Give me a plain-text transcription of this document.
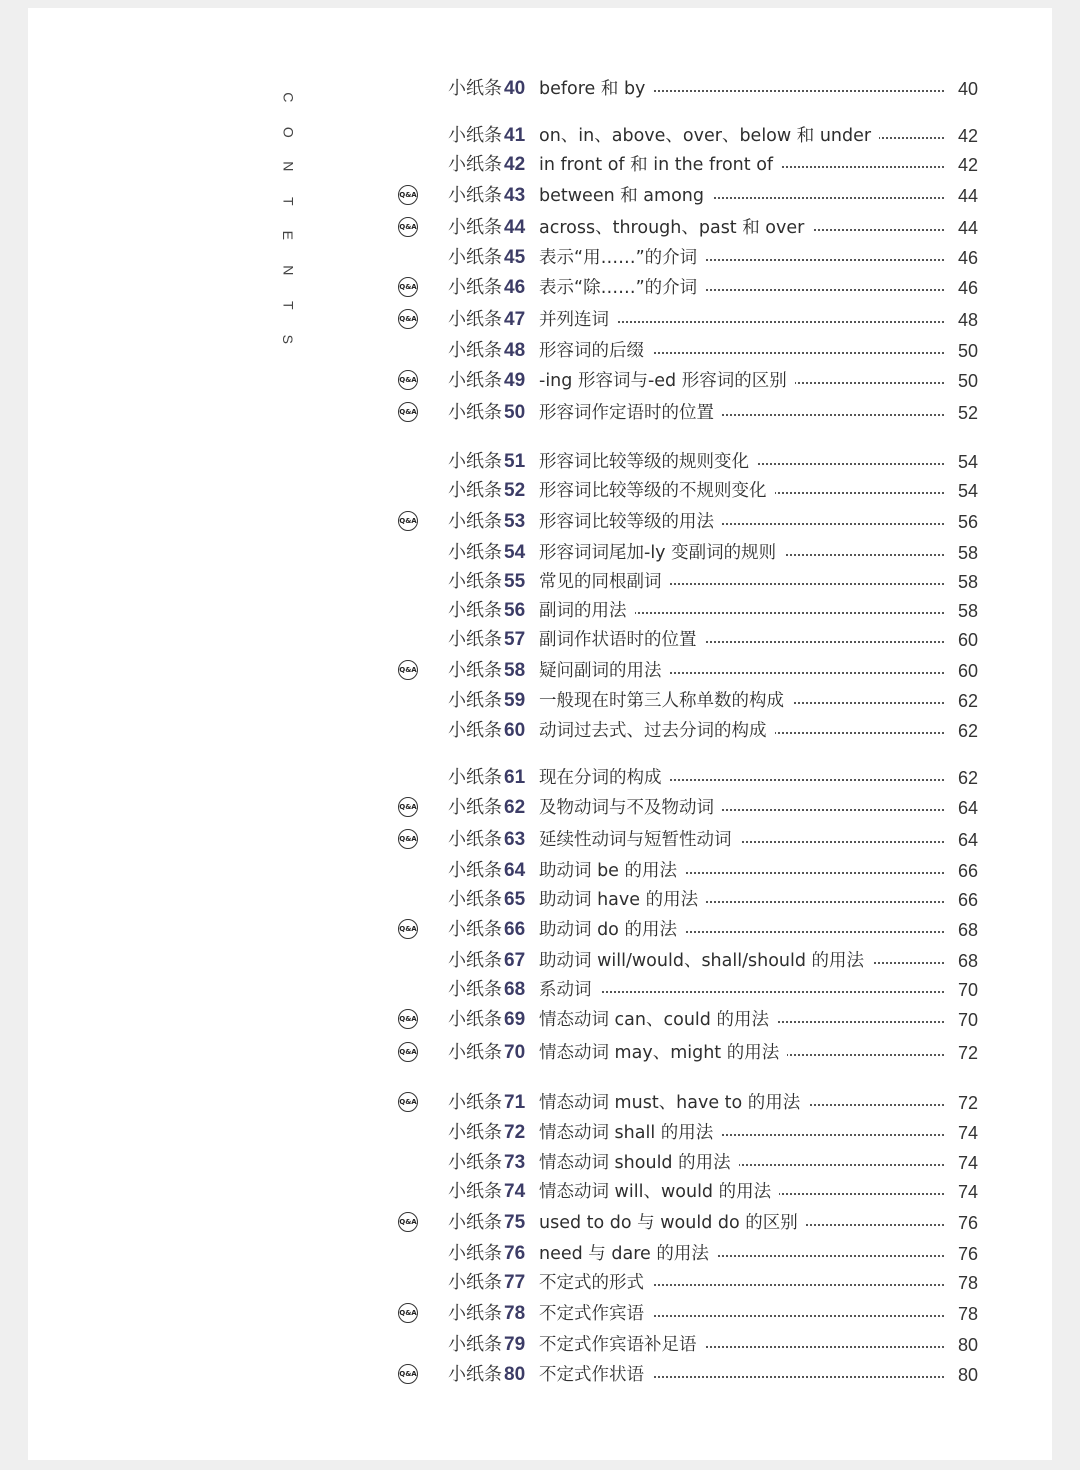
C
O
N
T
E
N
T
S
小纸条 40 before 和 by	40
小纸条 41 on、in、above、over、below 和 under	42
小纸条 42 in front of 和 in the front of	42
Q&A 小纸条 43 between 和 among	44
Q&A 小纸条 44 across、through、past 和 over	44
小纸条 45 表示“用……”的介词	46
Q&A 小纸条 46 表示“除……”的介词	46
Q&A 小纸条 47 并列连词	48
小纸条 48 形容词的后缀	50
Q&A 小纸条 49 -ing 形容词与-ed 形容词的区别	50
Q&A 小纸条 50 形容词作定语时的位置	52
小纸条 51 形容词比较等级的规则变化	54
小纸条 52 形容词比较等级的不规则变化	54
Q&A 小纸条 53 形容词比较等级的用法	56
小纸条 54 形容词词尾加-ly 变副词的规则	58
小纸条 55 常见的同根副词	58
小纸条 56 副词的用法	58
小纸条 57 副词作状语时的位置	60
Q&A 小纸条 58 疑问副词的用法	60
小纸条 59 一般现在时第三人称单数的构成	62
小纸条 60 动词过去式、过去分词的构成	62
小纸条 61 现在分词的构成	62
Q&A 小纸条 62 及物动词与不及物动词	64
Q&A 小纸条 63 延续性动词与短暂性动词	64
小纸条 64 助动词 be 的用法	66
小纸条 65 助动词 have 的用法	66
Q&A 小纸条 66 助动词 do 的用法	68
小纸条 67 助动词 will/would、shall/should 的用法	68
小纸条 68 系动词	70
Q&A 小纸条 69 情态动词 can、could 的用法	70
Q&A 小纸条 70 情态动词 may、might 的用法	72
Q&A 小纸条 71 情态动词 must、have to 的用法	72
小纸条 72 情态动词 shall 的用法	74
小纸条 73 情态动词 should 的用法	74
小纸条 74 情态动词 will、would 的用法	74
Q&A 小纸条 75 used to do 与 would do 的区别	76
小纸条 76 need 与 dare 的用法	76
小纸条 77 不定式的形式	78
Q&A 小纸条 78 不定式作宾语	78
小纸条 79 不定式作宾语补足语	80
Q&A 小纸条 80 不定式作状语	80
